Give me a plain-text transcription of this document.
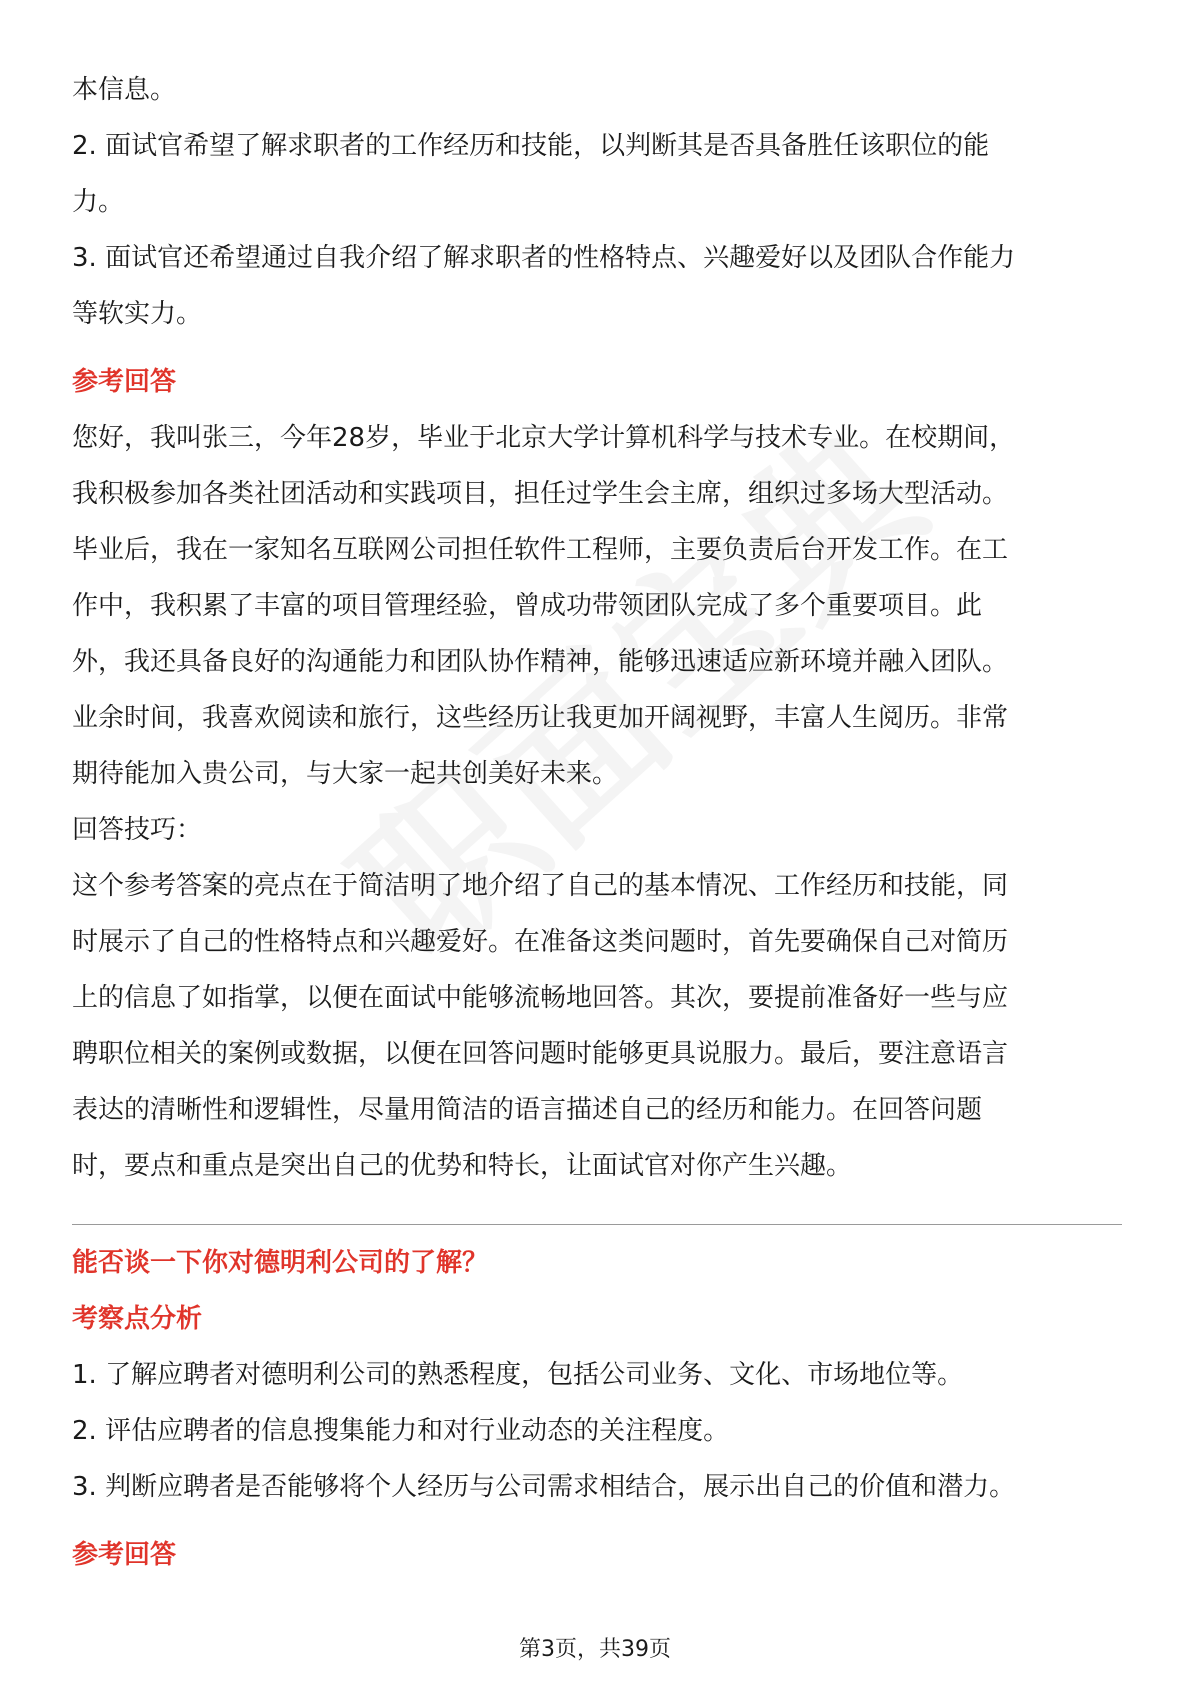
本信息。

2. 面试官希望了解求职者的工作经历和技能，以判断其是否具备胜任该职位的能

力。

3. 面试官还希望通过自我介绍了解求职者的性格特点、兴趣爱好以及团队合作能力

等软实力。

参考回答

您好，我叫张三，今年28岁，毕业于北京大学计算机科学与技术专业。在校期间，

我积极参加各类社团活动和实践项目，担任过学生会主席，组织过多场大型活动。

毕业后，我在一家知名互联网公司担任软件工程师，主要负责后台开发工作。在工

作中，我积累了丰富的项目管理经验，曾成功带领团队完成了多个重要项目。此

外，我还具备良好的沟通能力和团队协作精神，能够迅速适应新环境并融入团队。

业余时间，我喜欢阅读和旅行，这些经历让我更加开阔视野，丰富人生阅历。非常

期待能加入贵公司，与大家一起共创美好未来。

回答技巧：

这个参考答案的亮点在于简洁明了地介绍了自己的基本情况、工作经历和技能，同

时展示了自己的性格特点和兴趣爱好。在准备这类问题时，首先要确保自己对简历

上的信息了如指掌，以便在面试中能够流畅地回答。其次，要提前准备好一些与应

聘职位相关的案例或数据，以便在回答问题时能够更具说服力。最后，要注意语言

表达的清晰性和逻辑性，尽量用简洁的语言描述自己的经历和能力。在回答问题

时，要点和重点是突出自己的优势和特长，让面试官对你产生兴趣。

能否谈一下你对德明利公司的了解？
考察点分析

1. 了解应聘者对德明利公司的熟悉程度，包括公司业务、文化、市场地位等。

2. 评估应聘者的信息搜集能力和对行业动态的关注程度。

3. 判断应聘者是否能够将个人经历与公司需求相结合，展示出自己的价值和潜力。

参考回答
第3页，共39页
